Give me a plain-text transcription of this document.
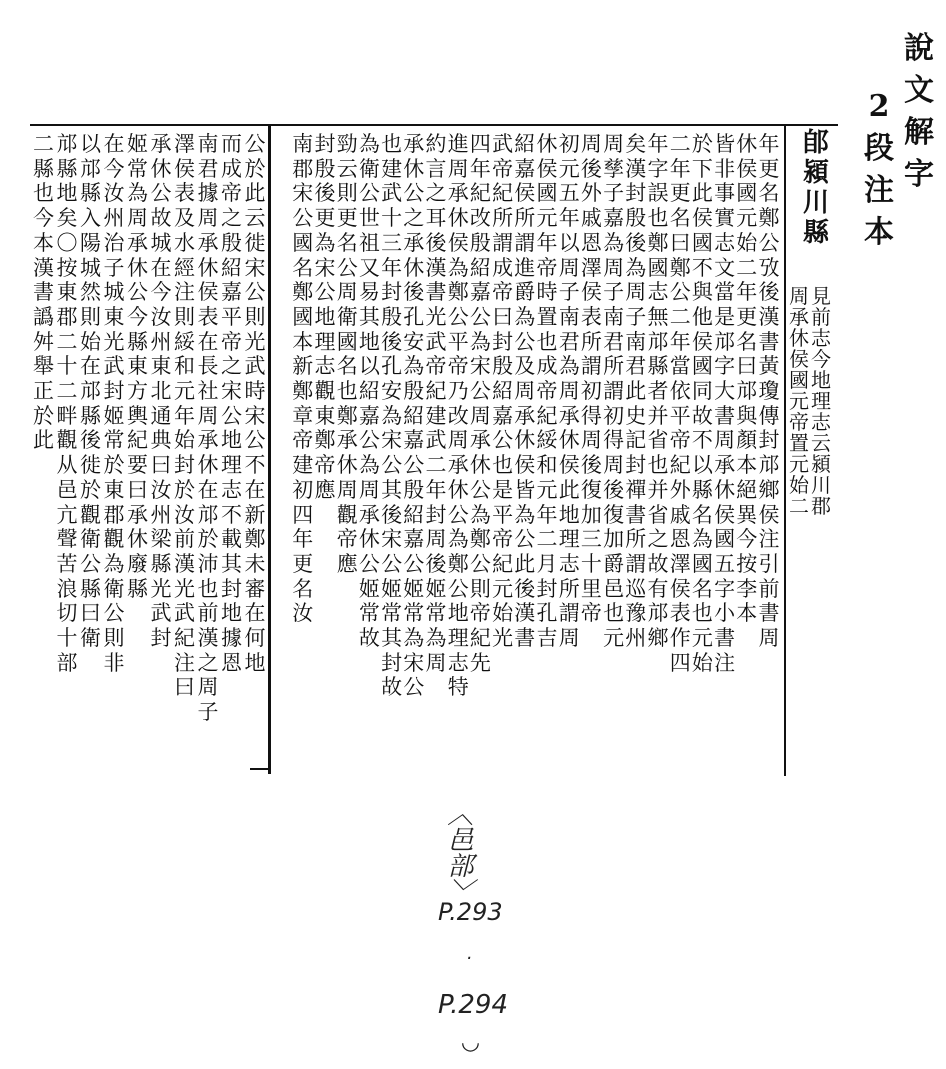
說文解字
2段注本
見前志今地理志云潁川郡
周承休侯國元帝置元始二
年更名鄭公攷後漢書黃瓊傳封邟鄉侯注引前書周
休侯國元始二年更名曰邟與顏本絕異今按李本
皆非事實志文當是邟字大書周承休侯國五字小書注
於下此侯國不與他侯國同故不以縣名為國名也元始
二年更名曰鄭公二年當依平帝紀外戚恩澤侯表作四
年字誤也鄭國志無邟縣者并省也并省之故有邟鄉
矣漢封殷後為周子南君此史記封禪書所謂巡豫州
周孳子嘉為周子南君所謂初得周後復加爵邑也元
周後外戚恩澤侯表所謂初得周後復加三十里帝
初元五年以周子南君為周承休侯此地理志所謂周
休侯國元年帝時置也成帝紀綏和元年二月封孔吉
紹嘉侯所謂進爵為公及周承休侯皆為公此後漢書
武帝紀所謂成帝曰封殷紹嘉公也是平帝紀元始光
四年紀改殷紹嘉公為宋公周承休公為鄭公則帝紀先
進周承休侯為鄭公平帝乃改周承休公為鄭公地理志特
約言之耳後漢書光武帝紀建武二年封周後姬常為周
承休公之承休後孔安為殷紹嘉公殷紹嘉公姬常為宋公
也建武十三年封殷後孔安為宋公其後宋公姬常其封故
為衛公世祖又易其地以紹嘉公為周承休公姬常故
勁云則更名公周衛國名也鄭承休周觀帝應
封殷後更為宋公地理志觀東鄭帝應
南郡宋公國名鄭國本新鄭章帝建初四年更名汝
郋潁川縣
公於此云徙宋公則光武時宋公不在新鄭未審在何地
而成帝之殷紹嘉平帝之宋公地理志不載其封地據恩
南君據周承休侯表在長社周承休在邟於沛也前漢之周子
澤侯表及水經注則綏和元年始封於汝前漢光武紀注曰
承休公故城在今汝州東北通典曰汝州梁縣光武封
姬常為周承休公今縣東方輿紀要曰承休廢縣
在今汝州治子城東光武封姬常於東郡觀為衛公則非
以邟縣入陽城然則始在邟縣後徙於觀衛公縣曰衛
邟縣地矣〇按東郡二十二畔觀从邑亢聲苦浪切十部
二縣也今本漢書譌舛舉正於此
〈邑部〉
P.293
·
P.294
◡
